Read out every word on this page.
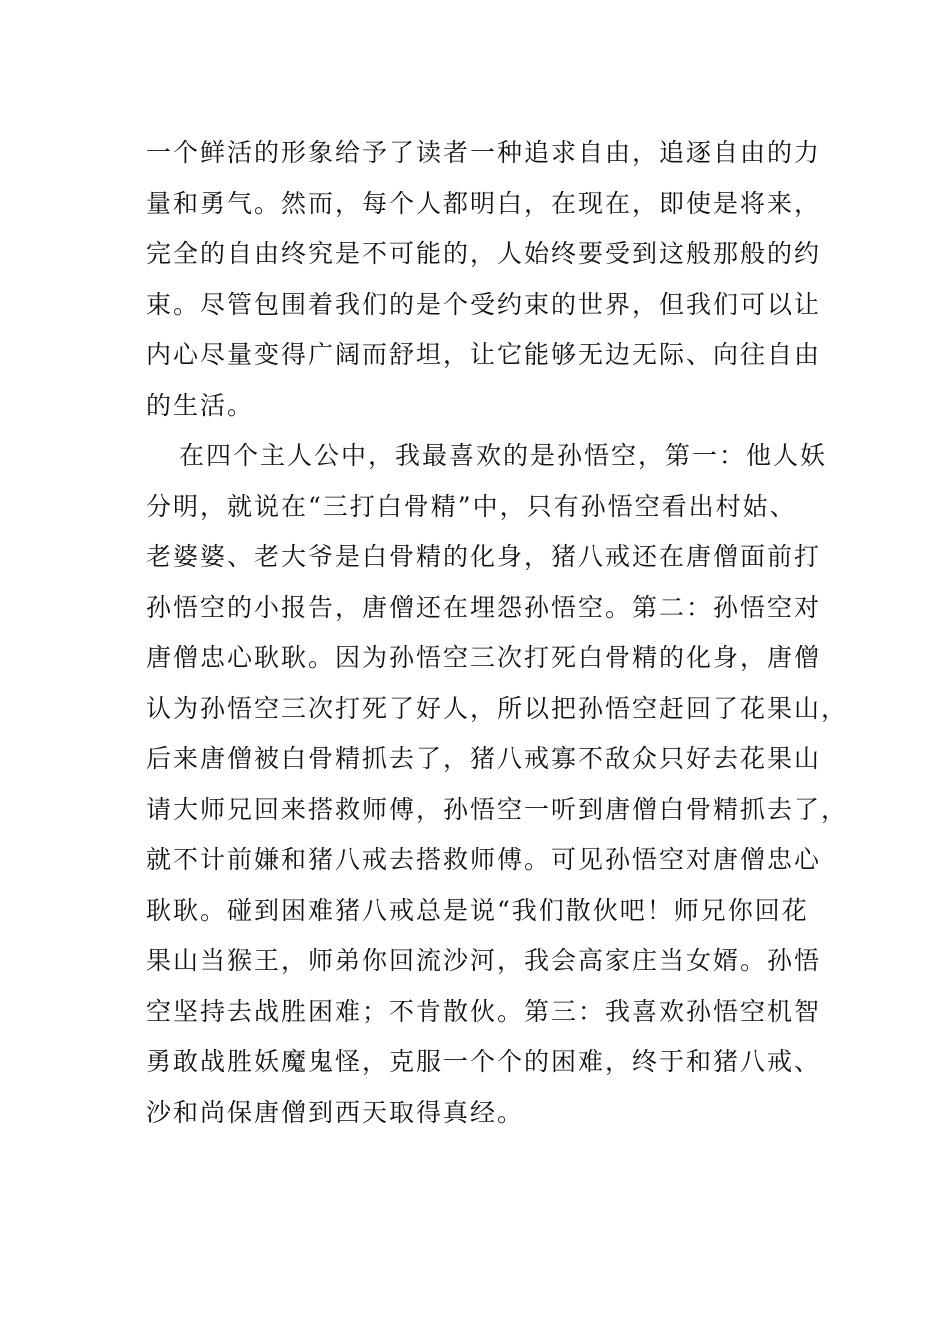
一个鲜活的形象给予了读者一种追求自由，追逐自由的力
量和勇气。然而，每个人都明白，在现在，即使是将来，
完全的自由终究是不可能的，人始终要受到这般那般的约
束。尽管包围着我们的是个受约束的世界，但我们可以让
内心尽量变得广阔而舒坦，让它能够无边无际、向往自由
的生活。
在四个主人公中，我最喜欢的是孙悟空，第一：他人妖
分明，就说在“三打白骨精”中，只有孙悟空看出村姑、
老婆婆、老大爷是白骨精的化身，猪八戒还在唐僧面前打
孙悟空的小报告，唐僧还在埋怨孙悟空。第二：孙悟空对
唐僧忠心耿耿。因为孙悟空三次打死白骨精的化身，唐僧
认为孙悟空三次打死了好人，所以把孙悟空赶回了花果山，
后来唐僧被白骨精抓去了，猪八戒寡不敌众只好去花果山
请大师兄回来搭救师傅，孙悟空一听到唐僧白骨精抓去了，
就不计前嫌和猪八戒去搭救师傅。可见孙悟空对唐僧忠心
耿耿。碰到困难猪八戒总是说“我们散伙吧！师兄你回花
果山当猴王，师弟你回流沙河，我会高家庄当女婿。孙悟
空坚持去战胜困难；不肯散伙。第三：我喜欢孙悟空机智
勇敢战胜妖魔鬼怪，克服一个个的困难，终于和猪八戒、
沙和尚保唐僧到西天取得真经。
